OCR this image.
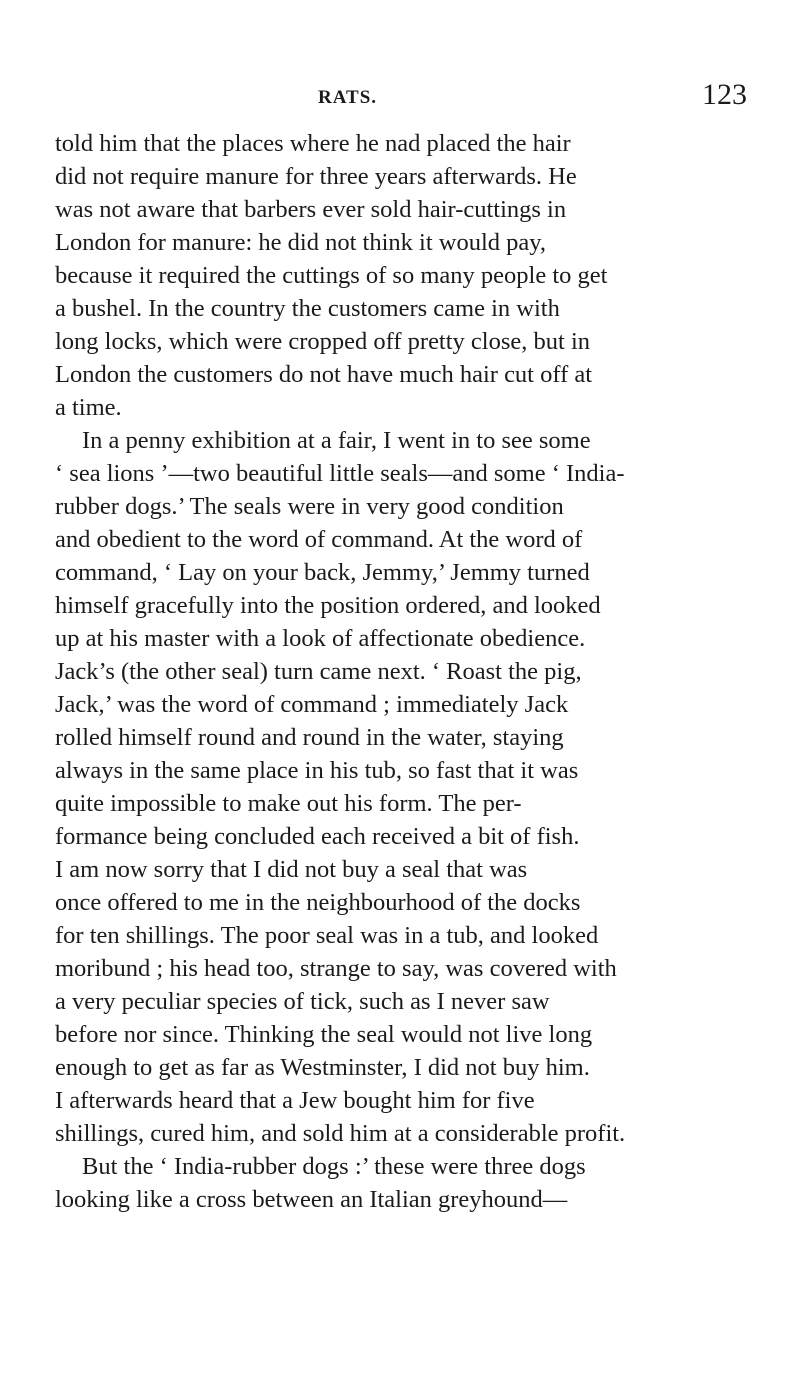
RATS.	123
told him that the places where he nad placed the hair
did not require manure for three years afterwards. He
was not aware that barbers ever sold hair-cuttings in
London for manure: he did not think it would pay,
because it required the cuttings of so many people to get
a bushel. In the country the customers came in with
long locks, which were cropped off pretty close, but in
London the customers do not have much hair cut off at
a time.
In a penny exhibition at a fair, I went in to see some
‘ sea lions ’—two beautiful little seals—and some ‘ India-
rubber dogs.’ The seals were in very good condition
and obedient to the word of command. At the word of
command, ‘ Lay on your back, Jemmy,’ Jemmy turned
himself gracefully into the position ordered, and looked
up at his master with a look of affectionate obedience.
Jack’s (the other seal) turn came next. ‘ Roast the pig,
Jack,’ was the word of command ; immediately Jack
rolled himself round and round in the water, staying
always in the same place in his tub, so fast that it was
quite impossible to make out his form. The per-
formance being concluded each received a bit of fish.
I am now sorry that I did not buy a seal that was
once offered to me in the neighbourhood of the docks
for ten shillings. The poor seal was in a tub, and looked
moribund ; his head too, strange to say, was covered with
a very peculiar species of tick, such as I never saw
before nor since. Thinking the seal would not live long
enough to get as far as Westminster, I did not buy him.
I afterwards heard that a Jew bought him for five
shillings, cured him, and sold him at a considerable profit.
But the ‘ India-rubber dogs :’ these were three dogs
looking like a cross between an Italian greyhound—
